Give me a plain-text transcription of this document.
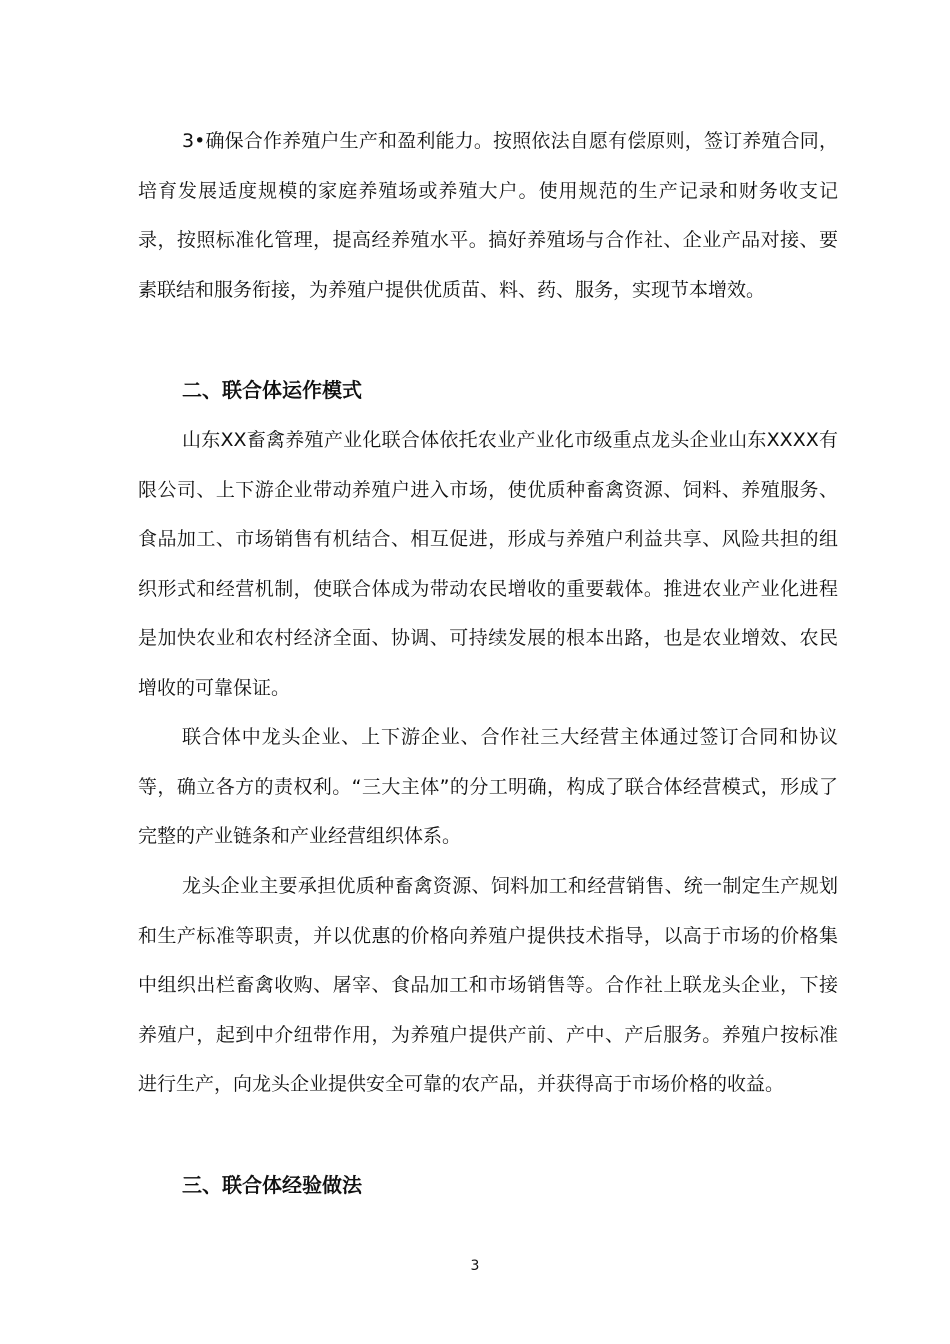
3•确保合作养殖户生产和盈利能力。按照依法自愿有偿原则，签订养殖合同，培育发展适度规模的家庭养殖场或养殖大户。使用规范的生产记录和财务收支记录，按照标准化管理，提高经养殖水平。搞好养殖场与合作社、企业产品对接、要素联结和服务衔接，为养殖户提供优质苗、料、药、服务，实现节本增效。

二、联合体运作模式

山东XX畜禽养殖产业化联合体依托农业产业化市级重点龙头企业山东XXXX有限公司、上下游企业带动养殖户进入市场，使优质种畜禽资源、饲料、养殖服务、食品加工、市场销售有机结合、相互促进，形成与养殖户利益共享、风险共担的组织形式和经营机制，使联合体成为带动农民增收的重要载体。推进农业产业化进程是加快农业和农村经济全面、协调、可持续发展的根本出路，也是农业增效、农民增收的可靠保证。

联合体中龙头企业、上下游企业、合作社三大经营主体通过签订合同和协议等，确立各方的责权利。“三大主体”的分工明确，构成了联合体经营模式，形成了完整的产业链条和产业经营组织体系。

龙头企业主要承担优质种畜禽资源、饲料加工和经营销售、统一制定生产规划和生产标准等职责，并以优惠的价格向养殖户提供技术指导，以高于市场的价格集中组织出栏畜禽收购、屠宰、食品加工和市场销售等。合作社上联龙头企业，下接养殖户，起到中介纽带作用，为养殖户提供产前、产中、产后服务。养殖户按标准进行生产，向龙头企业提供安全可靠的农产品，并获得高于市场价格的收益。

三、联合体经验做法
3
